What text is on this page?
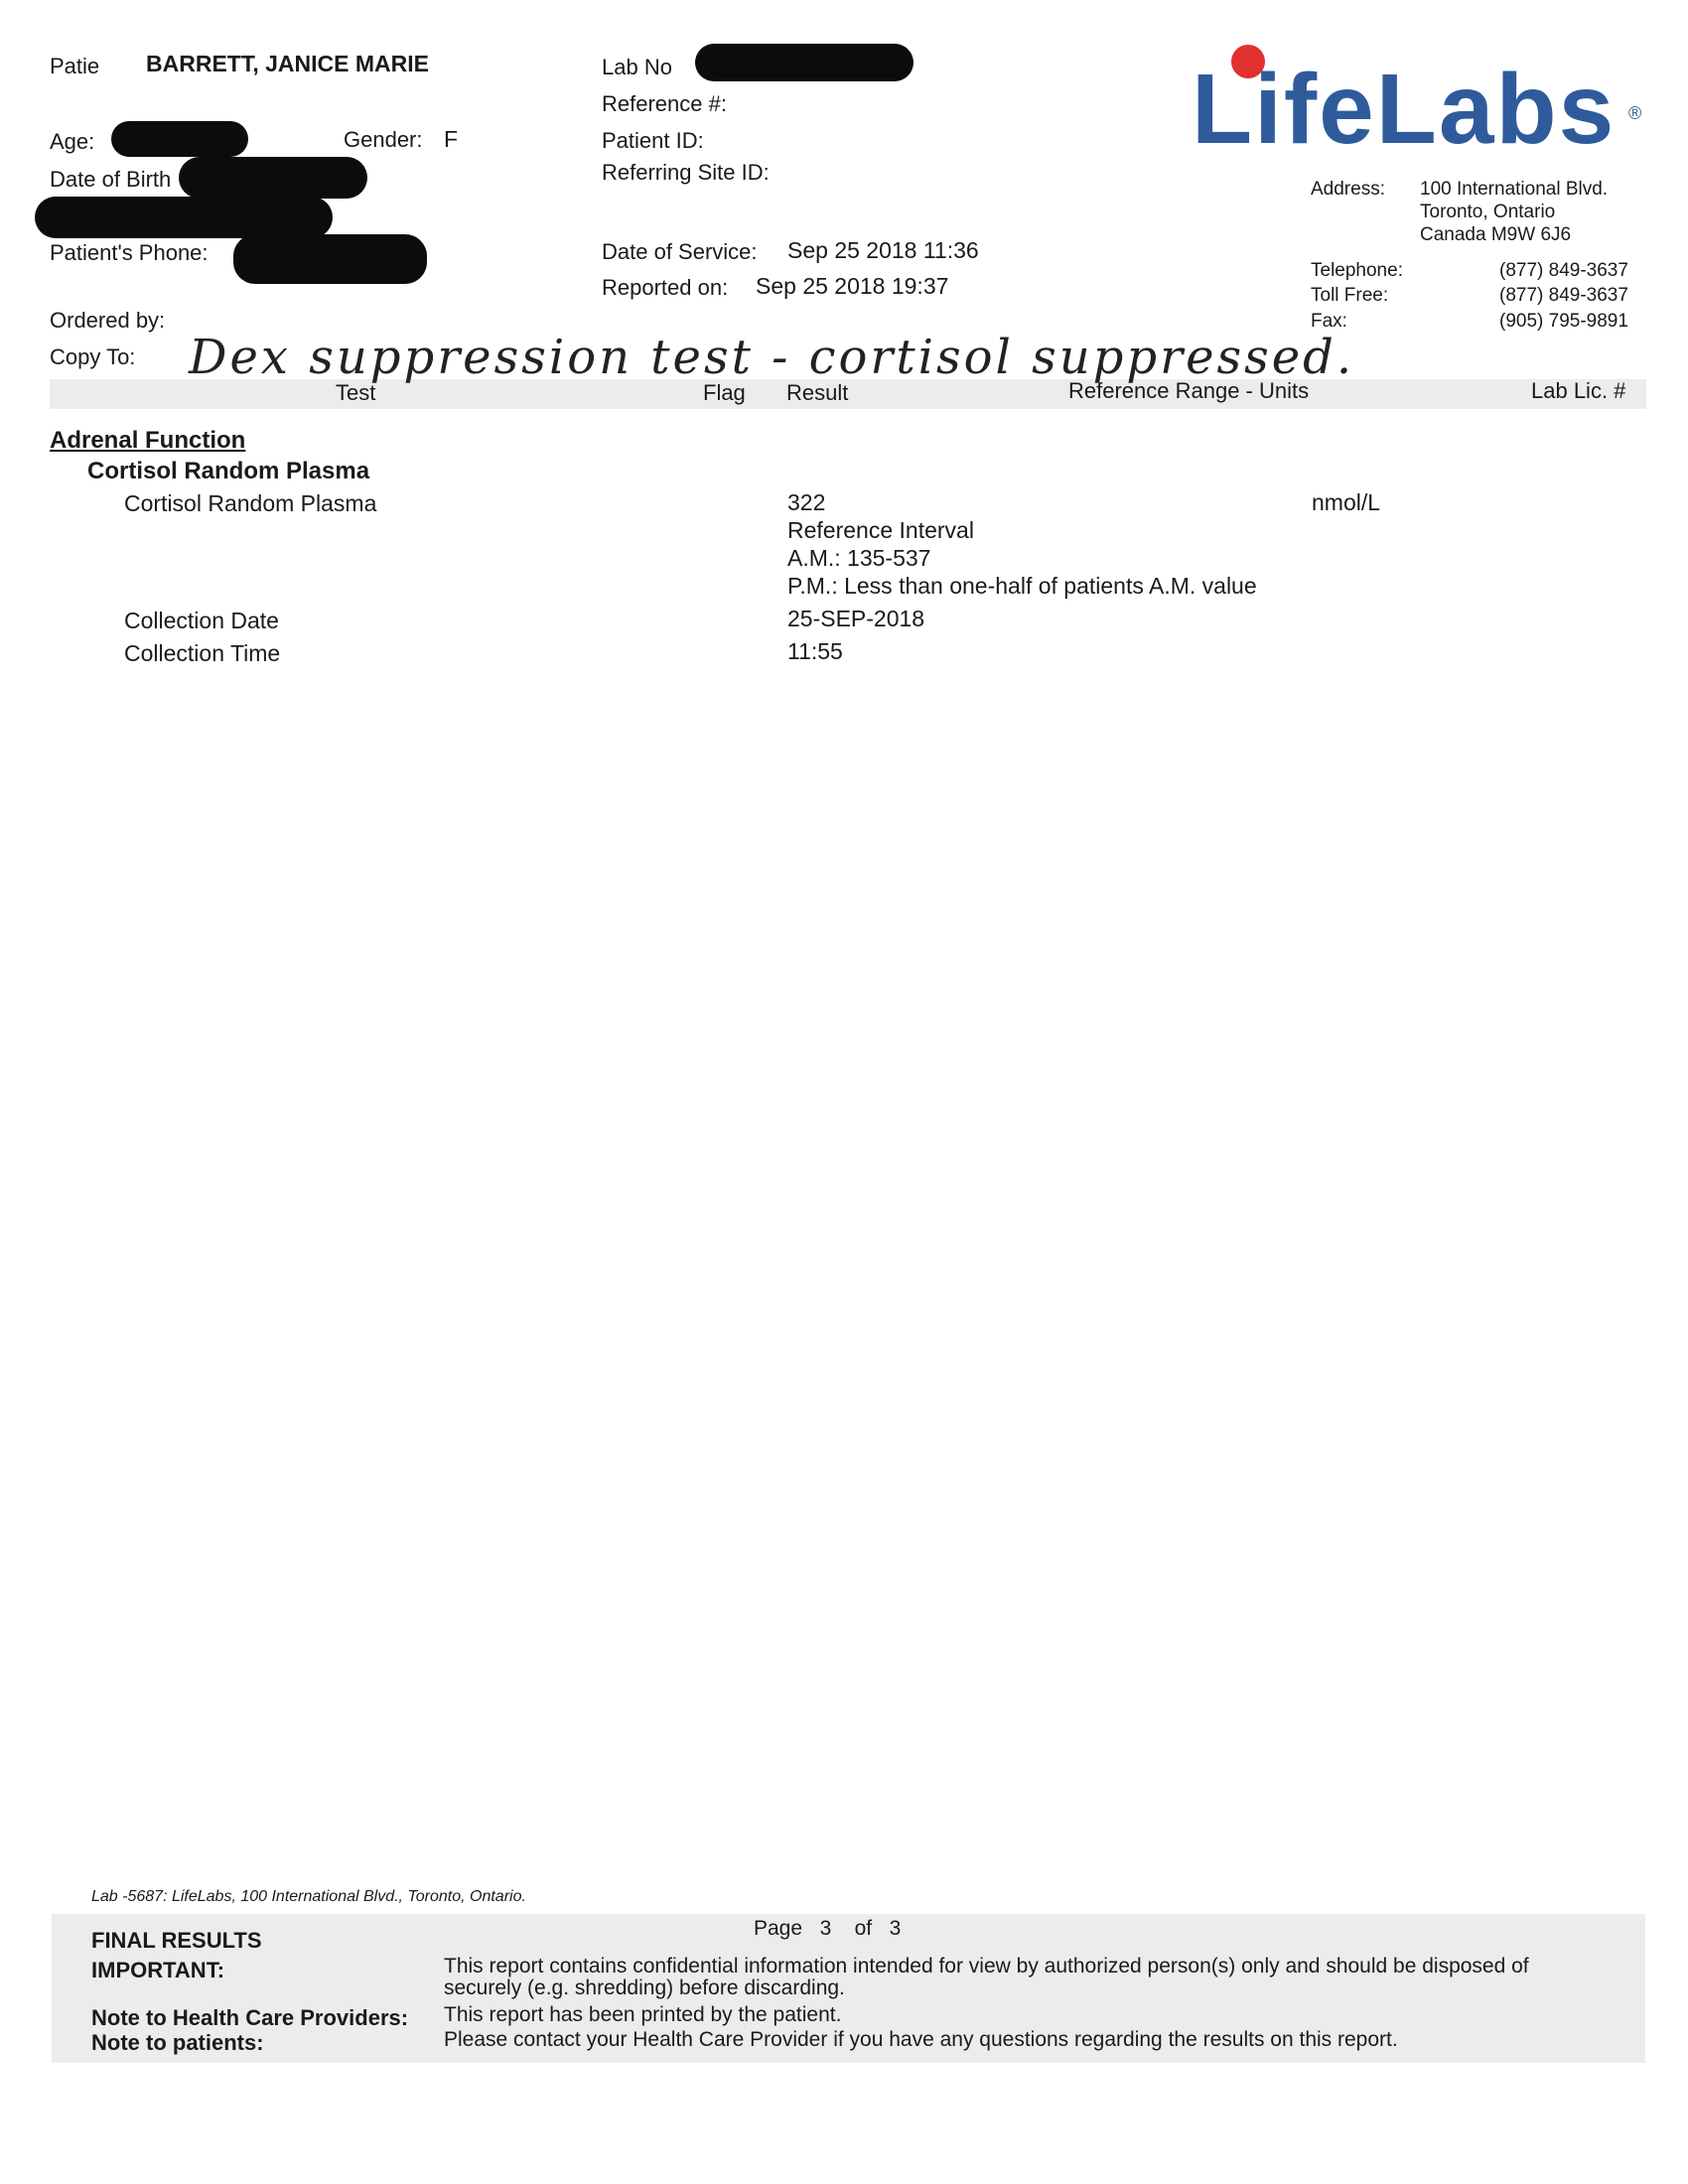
Patie BARRETT, JANICE MARIE
Age:	Gender: F
Date of Birth
Patient's Phone:
Ordered by:
Copy To:
Lab No
Reference #:
Patient ID:
Referring Site ID:
Date of Service: Sep 25 2018 11:36
Reported on: Sep 25 2018 19:37
LifeLabs ®
Address: 100 International Blvd.
Toronto, Ontario
Canada M9W 6J6
Telephone:	(877) 849-3637
Toll Free:	(877) 849-3637
Fax:	(905) 795-9891
Test	Flag Result	Reference Range - Units	Lab Lic. #
Dex suppression test - cortisol suppressed.
Adrenal Function
Cortisol Random Plasma
Cortisol Random Plasma	322	nmol/L
Reference Interval
A.M.: 135-537
P.M.: Less than one-half of patients A.M. value
Collection Date	25-SEP-2018
Collection Time	11:55
Lab -5687: LifeLabs, 100 International Blvd., Toronto, Ontario.
Page 3 of 3
FINAL RESULTS
IMPORTANT:	This report contains confidential information intended for view by authorized person(s) only and should be disposed of securely (e.g. shredding) before discarding.
Note to Health Care Providers: This report has been printed by the patient.
Note to patients:	Please contact your Health Care Provider if you have any questions regarding the results on this report.
